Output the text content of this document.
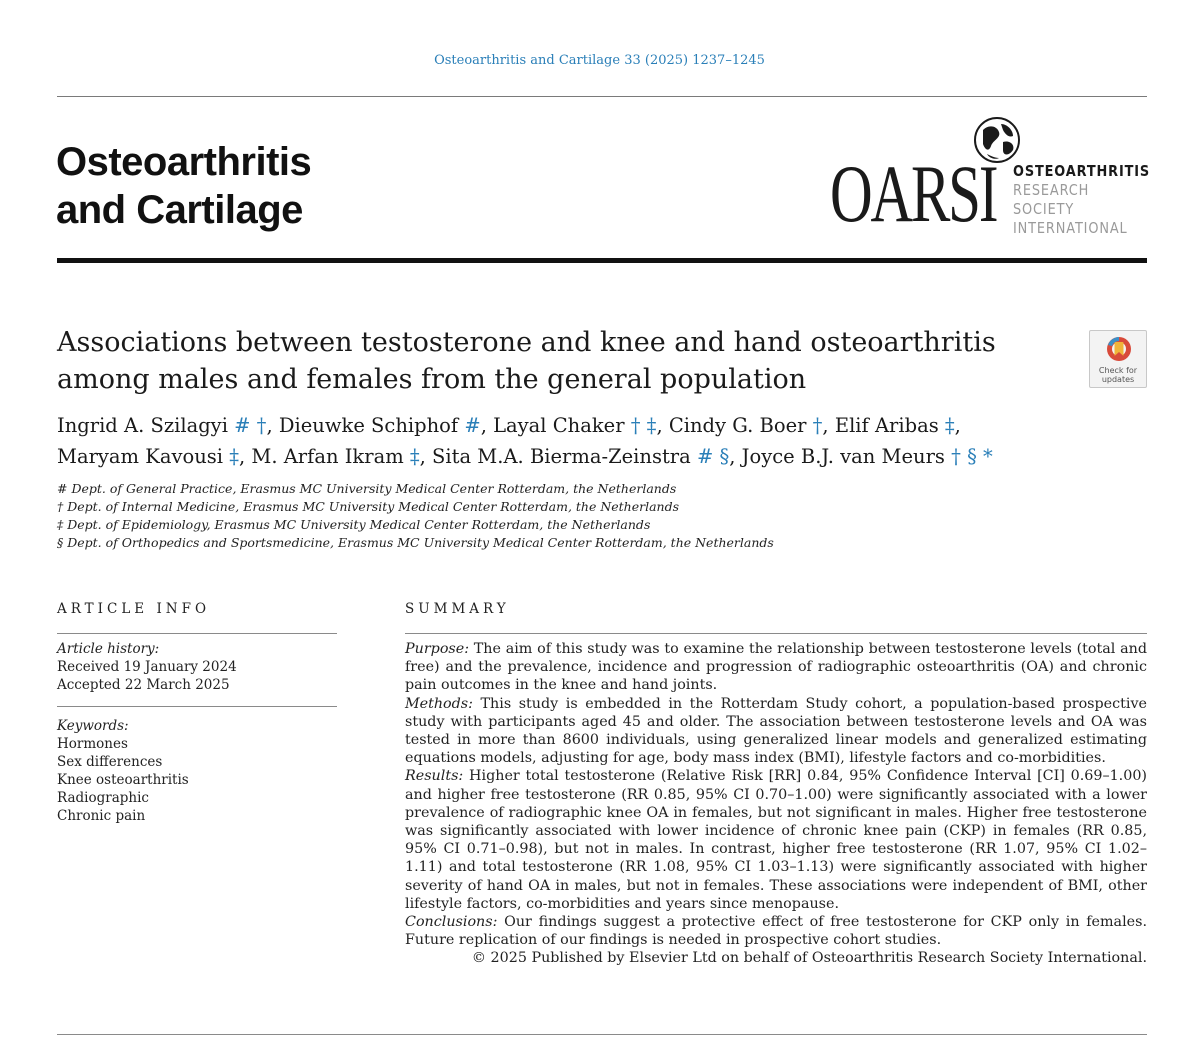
Osteoarthritis and Cartilage 33 (2025) 1237–1245
Osteoarthritis
and Cartilage	OARSI OSTEOARTHRITIS
RESEARCH SOCIETY
INTERNATIONAL
Check for
updates
Associations between testosterone and knee and hand osteoarthritis
among males and females from the general population
Ingrid A. Szilagyi # †, Dieuwke Schiphof #, Layal Chaker † ‡, Cindy G. Boer †, Elif Aribas ‡,
Maryam Kavousi ‡, M. Arfan Ikram ‡, Sita M.A. Bierma-Zeinstra # §, Joyce B.J. van Meurs † § *
# Dept. of General Practice, Erasmus MC University Medical Center Rotterdam, the Netherlands
† Dept. of Internal Medicine, Erasmus MC University Medical Center Rotterdam, the Netherlands
‡ Dept. of Epidemiology, Erasmus MC University Medical Center Rotterdam, the Netherlands
§ Dept. of Orthopedics and Sportsmedicine, Erasmus MC University Medical Center Rotterdam, the Netherlands
ARTICLE INFO	SUMMARY
Article history:
Received 19 January 2024
Accepted 22 March 2025
Keywords:
Hormones
Sex differences
Knee osteoarthritis
Radiographic
Chronic pain

Purpose: The aim of this study was to examine the relationship between testosterone levels (total and free) and the prevalence, incidence and progression of radiographic osteoarthritis (OA) and chronic pain outcomes in the knee and hand joints.

Methods: This study is embedded in the Rotterdam Study cohort, a population-based prospective study with participants aged 45 and older. The association between testosterone levels and OA was tested in more than 8600 individuals, using generalized linear models and generalized estimating equations models, adjusting for age, body mass index (BMI), lifestyle factors and co-morbidities.

Results: Higher total testosterone (Relative Risk [RR] 0.84, 95% Confidence Interval [CI] 0.69–1.00) and higher free testosterone (RR 0.85, 95% CI 0.70–1.00) were significantly associated with a lower prevalence of radiographic knee OA in females, but not significant in males. Higher free testosterone was significantly associated with lower incidence of chronic knee pain (CKP) in females (RR 0.85, 95% CI 0.71–0.98), but not in males. In contrast, higher free testosterone (RR 1.07, 95% CI 1.02–1.11) and total testosterone (RR 1.08, 95% CI 1.03–1.13) were significantly associated with higher severity of hand OA in males, but not in females. These associations were independent of BMI, other lifestyle factors, co-morbidities and years since menopause.

Conclusions: Our findings suggest a protective effect of free testosterone for CKP only in females. Future replication of our findings is needed in prospective cohort studies.

© 2025 Published by Elsevier Ltd on behalf of Osteoarthritis Research Society International.
